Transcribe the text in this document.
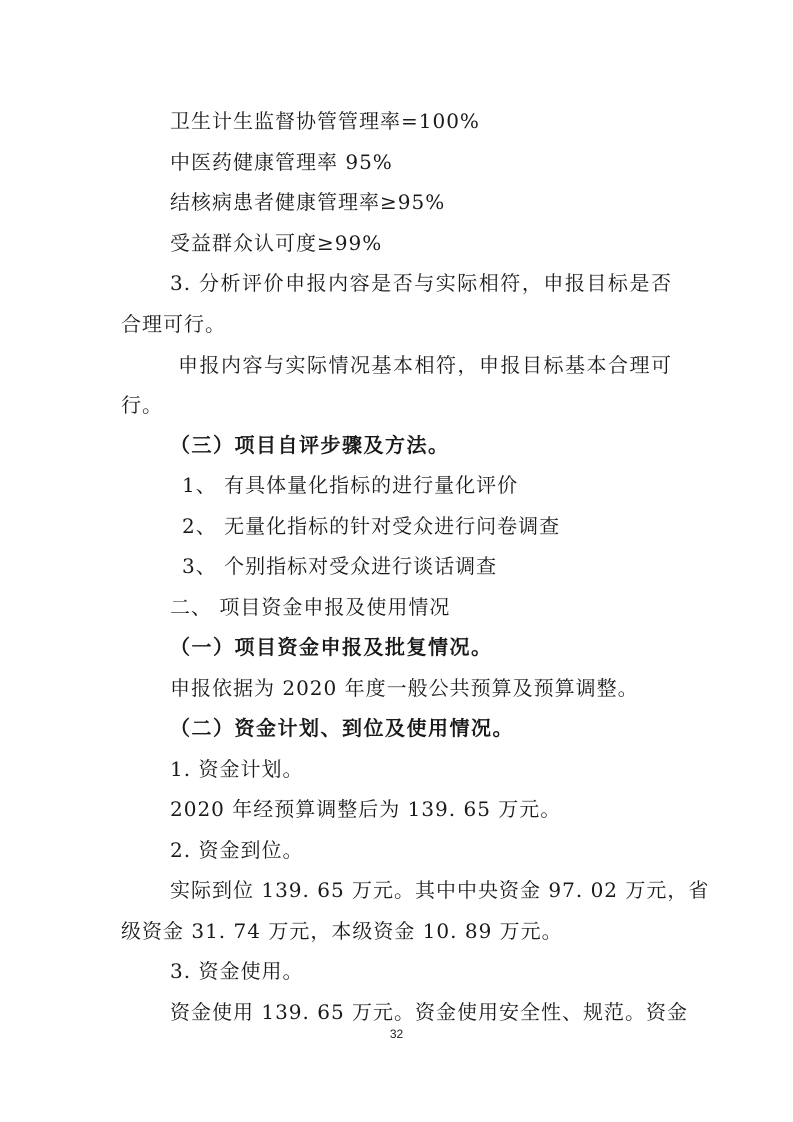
卫生计生监督协管管理率=100%
中医药健康管理率 95%
结核病患者健康管理率≥95%
受益群众认可度≥99%
3. 分析评价申报内容是否与实际相符，申报目标是否
合理可行。
申报内容与实际情况基本相符，申报目标基本合理可
行。
（三）项目自评步骤及方法。
1、 有具体量化指标的进行量化评价
2、 无量化指标的针对受众进行问卷调查
3、 个别指标对受众进行谈话调查
二、 项目资金申报及使用情况
（一）项目资金申报及批复情况。
申报依据为 2020 年度一般公共预算及预算调整。
（二）资金计划、到位及使用情况。
1. 资金计划。
2020 年经预算调整后为 139. 65 万元。
2. 资金到位。
实际到位 139. 65 万元。其中中央资金 97. 02 万元，省
级资金 31. 74 万元，本级资金 10. 89 万元。
3. 资金使用。
资金使用 139. 65 万元。资金使用安全性、规范。资金
32
